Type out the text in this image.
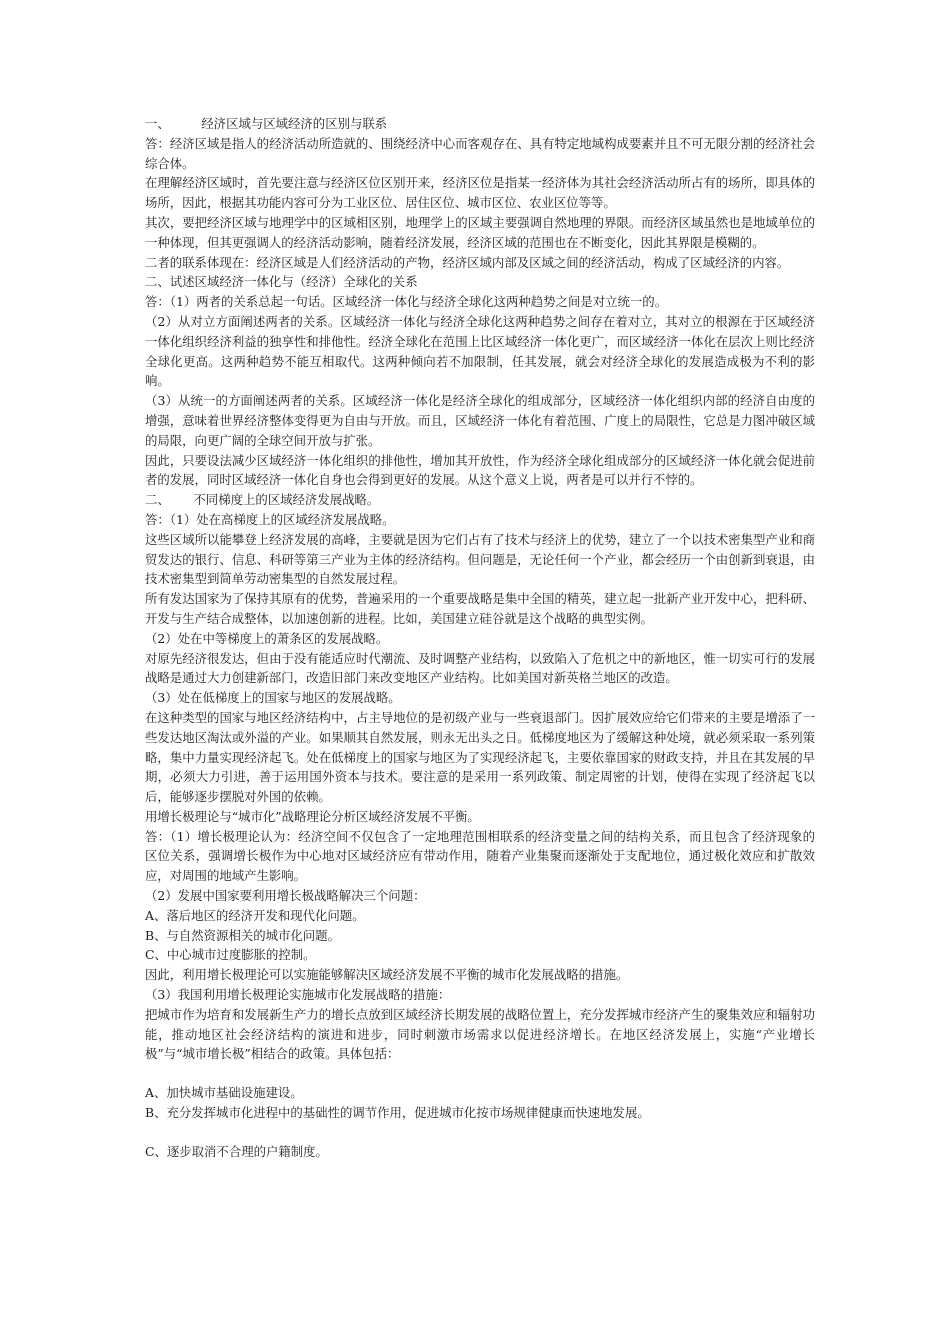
一、        经济区域与区域经济的区别与联系

答：经济区域是指人的经济活动所造就的、围绕经济中心而客观存在、具有特定地域构成要素并且不可无限分割的经济社会综合体。

在理解经济区域时，首先要注意与经济区位区别开来，经济区位是指某一经济体为其社会经济活动所占有的场所，即具体的场所，因此，根据其功能内容可分为工业区位、居住区位、城市区位、农业区位等等。

其次，要把经济区域与地理学中的区域相区别，地理学上的区域主要强调自然地理的界限。而经济区域虽然也是地域单位的一种体现，但其更强调人的经济活动影响，随着经济发展，经济区域的范围也在不断变化，因此其界限是模糊的。

二者的联系体现在：经济区域是人们经济活动的产物，经济区域内部及区域之间的经济活动，构成了区域经济的内容。

二、试述区域经济一体化与（经济）全球化的关系

答：（1）两者的关系总起一句话。区域经济一体化与经济全球化这两种趋势之间是对立统一的。

（2）从对立方面阐述两者的关系。区域经济一体化与经济全球化这两种趋势之间存在着对立，其对立的根源在于区域经济一体化组织经济利益的独享性和排他性。经济全球化在范围上比区域经济一体化更广，而区域经济一体化在层次上则比经济全球化更高。这两种趋势不能互相取代。这两种倾向若不加限制，任其发展，就会对经济全球化的发展造成极为不利的影响。

（3）从统一的方面阐述两者的关系。区域经济一体化是经济全球化的组成部分，区域经济一体化组织内部的经济自由度的增强，意味着世界经济整体变得更为自由与开放。而且，区域经济一体化有着范围、广度上的局限性，它总是力图冲破区域的局限，向更广阔的全球空间开放与扩张。

因此，只要设法减少区域经济一体化组织的排他性，增加其开放性，作为经济全球化组成部分的区域经济一体化就会促进前者的发展，同时区域经济一体化自身也会得到更好的发展。从这个意义上说，两者是可以并行不悖的。

二、      不同梯度上的区域经济发展战略。

答：（1）处在高梯度上的区域经济发展战略。

这些区域所以能攀登上经济发展的高峰，主要就是因为它们占有了技术与经济上的优势，建立了一个以技术密集型产业和商贸发达的银行、信息、科研等第三产业为主体的经济结构。但问题是，无论任何一个产业，都会经历一个由创新到衰退，由技术密集型到简单劳动密集型的自然发展过程。

所有发达国家为了保持其原有的优势，普遍采用的一个重要战略是集中全国的精英，建立起一批新产业开发中心，把科研、开发与生产结合成整体，以加速创新的进程。比如，美国建立硅谷就是这个战略的典型实例。

（2）处在中等梯度上的萧条区的发展战略。

对原先经济很发达，但由于没有能适应时代潮流、及时调整产业结构，以致陷入了危机之中的新地区，惟一切实可行的发展战略是通过大力创建新部门，改造旧部门来改变地区产业结构。比如美国对新英格兰地区的改造。

（3）处在低梯度上的国家与地区的发展战略。

在这种类型的国家与地区经济结构中，占主导地位的是初级产业与一些衰退部门。因扩展效应给它们带来的主要是增添了一些发达地区淘汰或外溢的产业。如果顺其自然发展，则永无出头之日。低梯度地区为了缓解这种处境，就必须采取一系列策略，集中力量实现经济起飞。处在低梯度上的国家与地区为了实现经济起飞，主要依靠国家的财政支持，并且在其发展的早期，必须大力引进，善于运用国外资本与技术。要注意的是采用一系列政策、制定周密的计划，使得在实现了经济起飞以后，能够逐步摆脱对外国的依赖。

用增长极理论与“城市化”战略理论分析区域经济发展不平衡。

答：（1）增长极理论认为：经济空间不仅包含了一定地理范围相联系的经济变量之间的结构关系，而且包含了经济现象的区位关系，强调增长极作为中心地对区域经济应有带动作用，随着产业集聚而逐渐处于支配地位，通过极化效应和扩散效应，对周围的地域产生影响。

（2）发展中国家要利用增长极战略解决三个问题：

A、落后地区的经济开发和现代化问题。

B、与自然资源相关的城市化问题。

C、中心城市过度膨胀的控制。

因此，利用增长极理论可以实施能够解决区域经济发展不平衡的城市化发展战略的措施。

（3）我国利用增长极理论实施城市化发展战略的措施：

把城市作为培育和发展新生产力的增长点放到区域经济长期发展的战略位置上，充分发挥城市经济产生的聚集效应和辐射功能，推动地区社会经济结构的演进和进步，同时刺激市场需求以促进经济增长。在地区经济发展上，实施“产业增长极”与“城市增长极”相结合的政策。具体包括：

A、加快城市基础设施建设。

B、充分发挥城市化进程中的基础性的调节作用，促进城市化按市场规律健康而快速地发展。

C、逐步取消不合理的户籍制度。
